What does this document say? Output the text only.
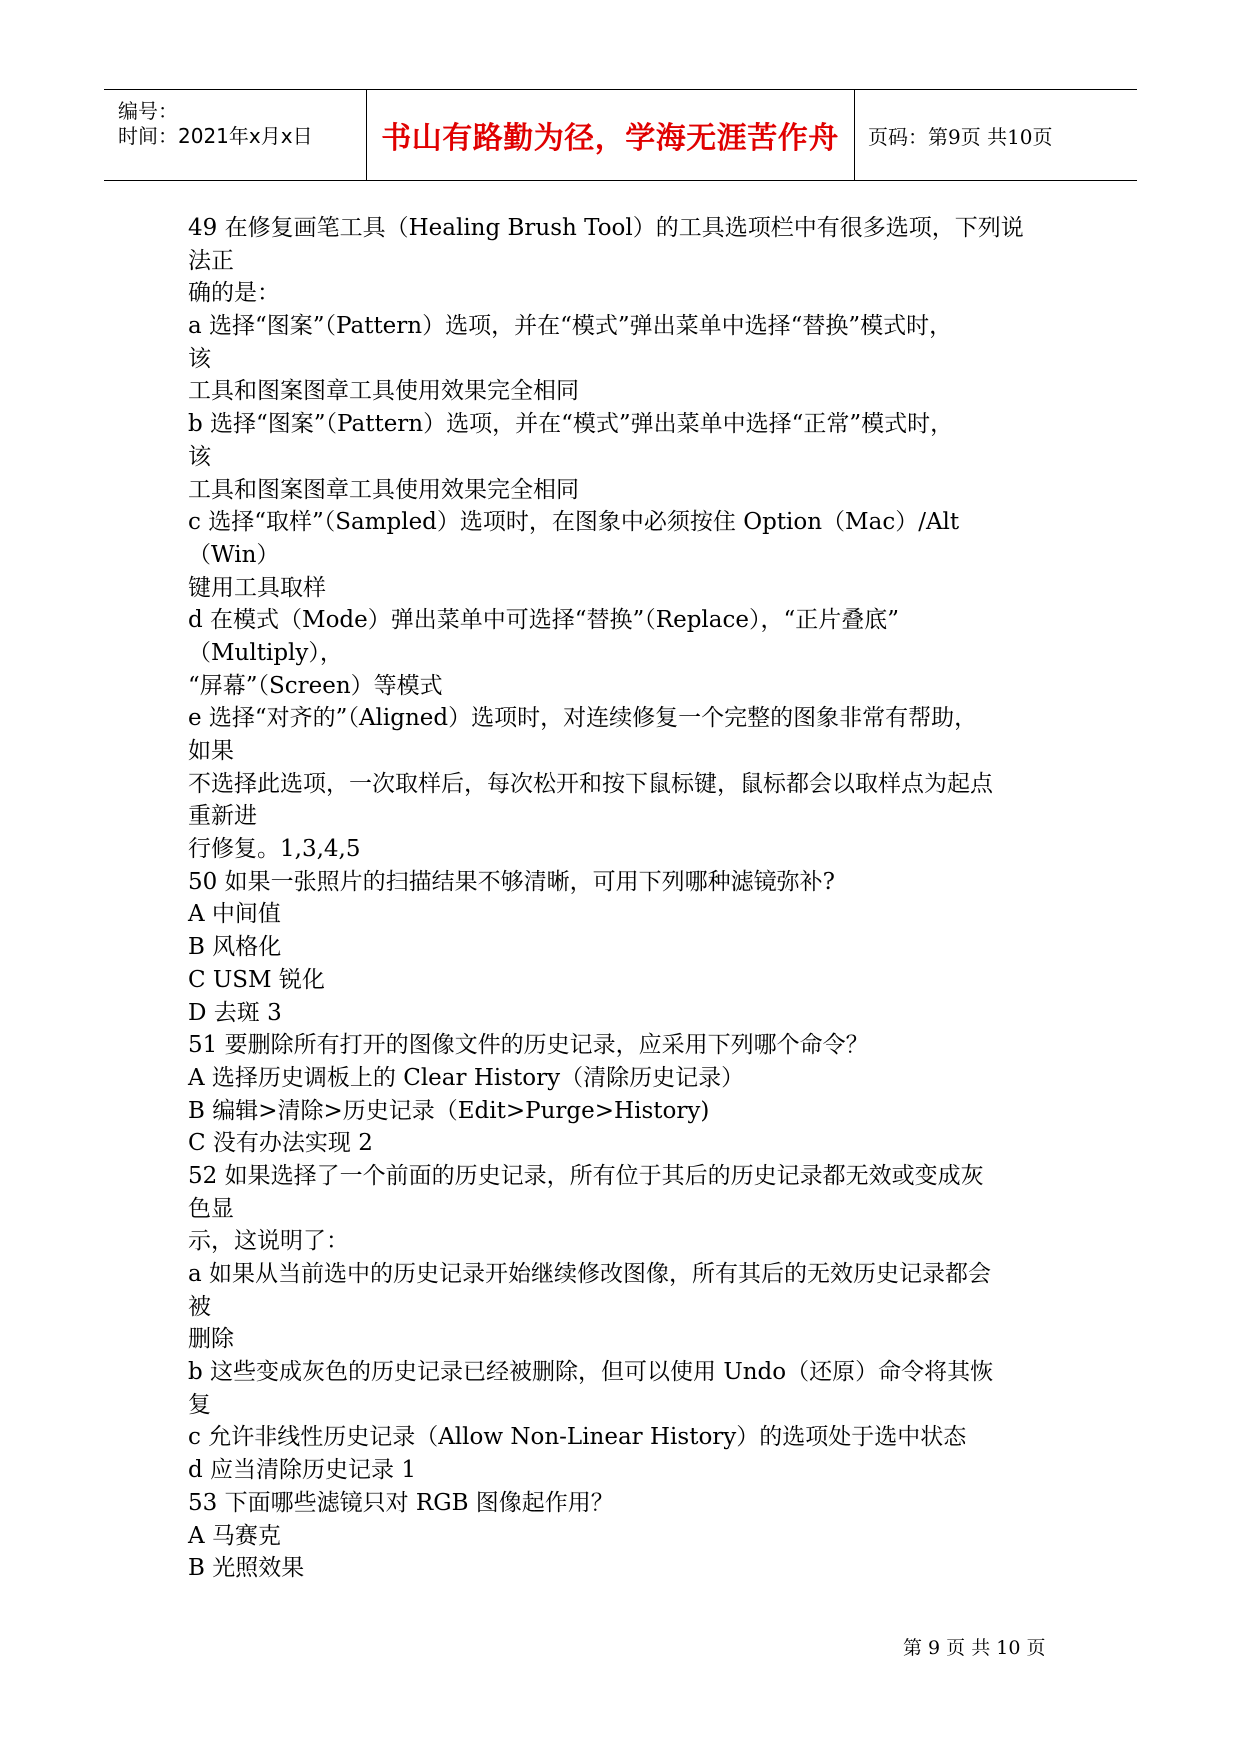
编号：
时间：2021年x月x日 书山有路勤为径，学海无涯苦作舟 页码：第9页 共10页
49 在修复画笔工具（Healing Brush Tool）的工具选项栏中有很多选项，下列说
法正
确的是：
a 选择“图案”（Pattern）选项，并在“模式”弹出菜单中选择“替换”模式时，
该
工具和图案图章工具使用效果完全相同
b 选择“图案”（Pattern）选项，并在“模式”弹出菜单中选择“正常”模式时，
该
工具和图案图章工具使用效果完全相同
c 选择“取样”（Sampled）选项时，在图象中必须按住 Option（Mac）/Alt
（Win）
键用工具取样
d 在模式（Mode）弹出菜单中可选择“替换”（Replace），“正片叠底”
（Multiply），
“屏幕”（Screen）等模式
e 选择“对齐的”（Aligned）选项时，对连续修复一个完整的图象非常有帮助，
如果
不选择此选项，一次取样后，每次松开和按下鼠标键，鼠标都会以取样点为起点
重新进
行修复。1,3,4,5
50 如果一张照片的扫描结果不够清晰，可用下列哪种滤镜弥补?
A 中间值
B 风格化
C USM 锐化
D 去斑 3
51 要删除所有打开的图像文件的历史记录，应采用下列哪个命令？
A 选择历史调板上的 Clear History（清除历史记录）
B 编辑>清除>历史记录（Edit>Purge>History)
C 没有办法实现 2
52 如果选择了一个前面的历史记录，所有位于其后的历史记录都无效或变成灰
色显
示，这说明了：
a 如果从当前选中的历史记录开始继续修改图像，所有其后的无效历史记录都会
被
删除
b 这些变成灰色的历史记录已经被删除，但可以使用 Undo（还原）命令将其恢
复
c 允许非线性历史记录（Allow Non-Linear History）的选项处于选中状态
d 应当清除历史记录 1
53 下面哪些滤镜只对 RGB 图像起作用？
A 马赛克
B 光照效果
第 9 页 共 10 页
